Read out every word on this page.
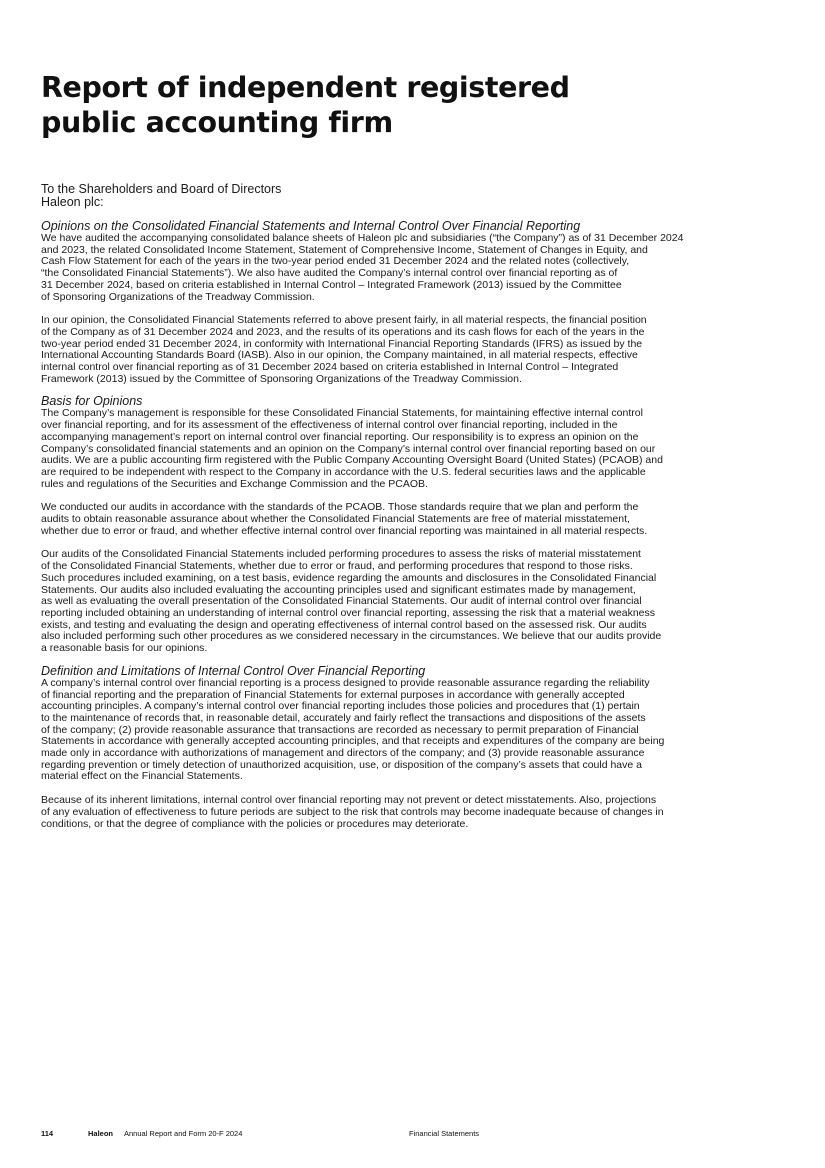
Report of independent registered
public accounting firm
To the Shareholders and Board of Directors
Haleon plc:
Opinions on the Consolidated Financial Statements and Internal Control Over Financial Reporting
We have audited the accompanying consolidated balance sheets of Haleon plc and subsidiaries (“the Company”) as of 31 December 2024
and 2023, the related Consolidated Income Statement, Statement of Comprehensive Income, Statement of Changes in Equity, and
Cash Flow Statement for each of the years in the two-year period ended 31 December 2024 and the related notes (collectively,
“the Consolidated Financial Statements”). We also have audited the Company’s internal control over financial reporting as of
31 December 2024, based on criteria established in Internal Control – Integrated Framework (2013) issued by the Committee
of Sponsoring Organizations of the Treadway Commission.
In our opinion, the Consolidated Financial Statements referred to above present fairly, in all material respects, the financial position
of the Company as of 31 December 2024 and 2023, and the results of its operations and its cash flows for each of the years in the
two-year period ended 31 December 2024, in conformity with International Financial Reporting Standards (IFRS) as issued by the
International Accounting Standards Board (IASB). Also in our opinion, the Company maintained, in all material respects, effective
internal control over financial reporting as of 31 December 2024 based on criteria established in Internal Control – Integrated
Framework (2013) issued by the Committee of Sponsoring Organizations of the Treadway Commission.
Basis for Opinions
The Company’s management is responsible for these Consolidated Financial Statements, for maintaining effective internal control
over financial reporting, and for its assessment of the effectiveness of internal control over financial reporting, included in the
accompanying management’s report on internal control over financial reporting. Our responsibility is to express an opinion on the
Company’s consolidated financial statements and an opinion on the Company’s internal control over financial reporting based on our
audits. We are a public accounting firm registered with the Public Company Accounting Oversight Board (United States) (PCAOB) and
are required to be independent with respect to the Company in accordance with the U.S. federal securities laws and the applicable
rules and regulations of the Securities and Exchange Commission and the PCAOB.
We conducted our audits in accordance with the standards of the PCAOB. Those standards require that we plan and perform the
audits to obtain reasonable assurance about whether the Consolidated Financial Statements are free of material misstatement,
whether due to error or fraud, and whether effective internal control over financial reporting was maintained in all material respects.
Our audits of the Consolidated Financial Statements included performing procedures to assess the risks of material misstatement
of the Consolidated Financial Statements, whether due to error or fraud, and performing procedures that respond to those risks.
Such procedures included examining, on a test basis, evidence regarding the amounts and disclosures in the Consolidated Financial
Statements. Our audits also included evaluating the accounting principles used and significant estimates made by management,
as well as evaluating the overall presentation of the Consolidated Financial Statements. Our audit of internal control over financial
reporting included obtaining an understanding of internal control over financial reporting, assessing the risk that a material weakness
exists, and testing and evaluating the design and operating effectiveness of internal control based on the assessed risk. Our audits
also included performing such other procedures as we considered necessary in the circumstances. We believe that our audits provide
a reasonable basis for our opinions.
Definition and Limitations of Internal Control Over Financial Reporting
A company’s internal control over financial reporting is a process designed to provide reasonable assurance regarding the reliability
of financial reporting and the preparation of Financial Statements for external purposes in accordance with generally accepted
accounting principles. A company’s internal control over financial reporting includes those policies and procedures that (1) pertain
to the maintenance of records that, in reasonable detail, accurately and fairly reflect the transactions and dispositions of the assets
of the company; (2) provide reasonable assurance that transactions are recorded as necessary to permit preparation of Financial
Statements in accordance with generally accepted accounting principles, and that receipts and expenditures of the company are being
made only in accordance with authorizations of management and directors of the company; and (3) provide reasonable assurance
regarding prevention or timely detection of unauthorized acquisition, use, or disposition of the company’s assets that could have a
material effect on the Financial Statements.
Because of its inherent limitations, internal control over financial reporting may not prevent or detect misstatements. Also, projections
of any evaluation of effectiveness to future periods are subject to the risk that controls may become inadequate because of changes in
conditions, or that the degree of compliance with the policies or procedures may deteriorate.
114	Haleon Annual Report and Form 20-F 2024	Financial Statements
